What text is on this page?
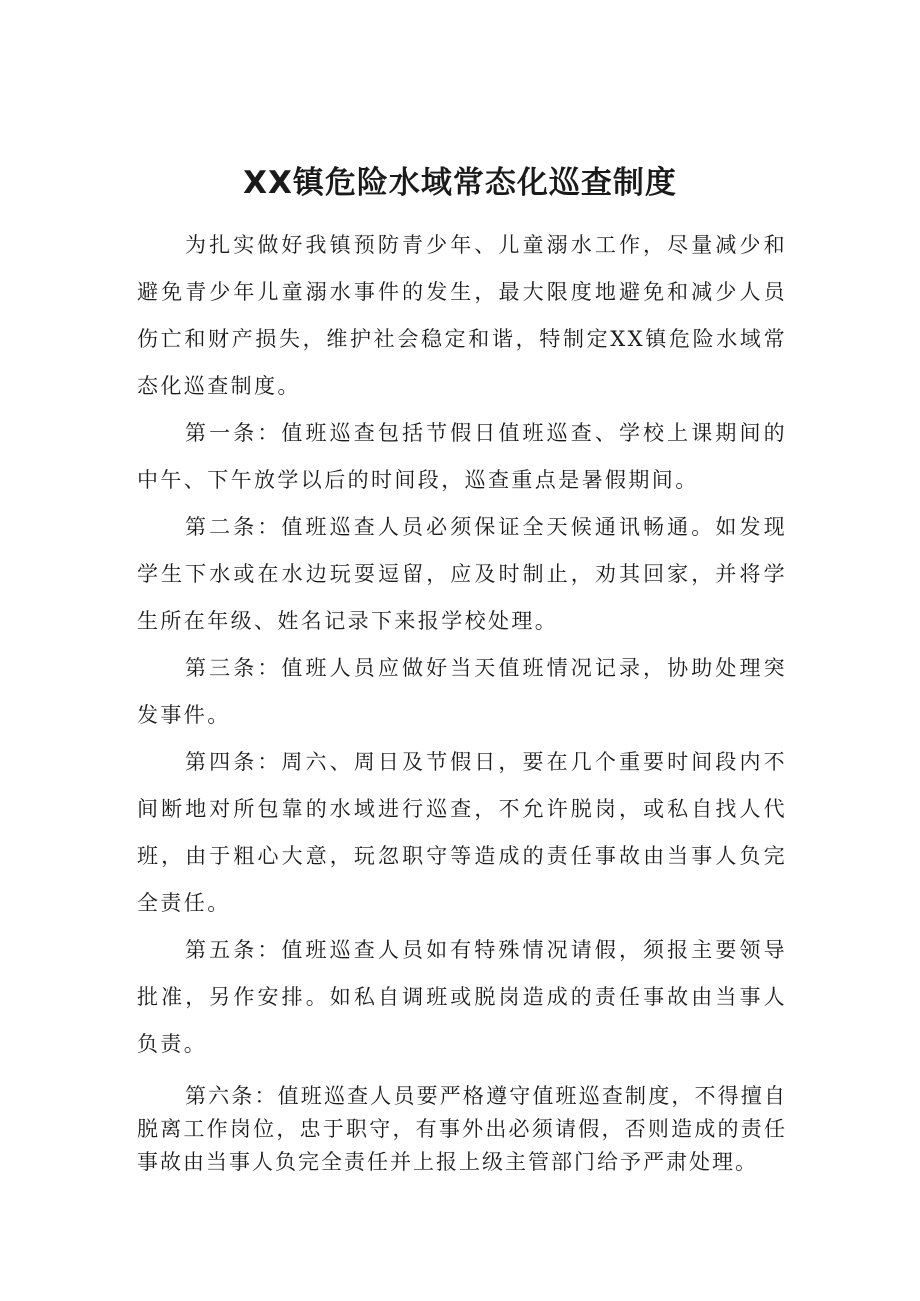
XX镇危险水域常态化巡查制度

为扎实做好我镇预防青少年、儿童溺水工作，尽量减少和避免青少年儿童溺水事件的发生，最大限度地避免和减少人员伤亡和财产损失，维护社会稳定和谐，特制定XX镇危险水域常态化巡查制度。

第一条：值班巡查包括节假日值班巡查、学校上课期间的中午、下午放学以后的时间段，巡查重点是暑假期间。

第二条：值班巡查人员必须保证全天候通讯畅通。如发现学生下水或在水边玩耍逗留，应及时制止，劝其回家，并将学生所在年级、姓名记录下来报学校处理。

第三条：值班人员应做好当天值班情况记录，协助处理突发事件。

第四条：周六、周日及节假日，要在几个重要时间段内不间断地对所包靠的水域进行巡查，不允许脱岗，或私自找人代班，由于粗心大意，玩忽职守等造成的责任事故由当事人负完全责任。

第五条：值班巡查人员如有特殊情况请假，须报主要领导批准，另作安排。如私自调班或脱岗造成的责任事故由当事人负责。

第六条：值班巡查人员要严格遵守值班巡查制度，不得擅自脱离工作岗位，忠于职守，有事外出必须请假，否则造成的责任事故由当事人负完全责任并上报上级主管部门给予严肃处理。
